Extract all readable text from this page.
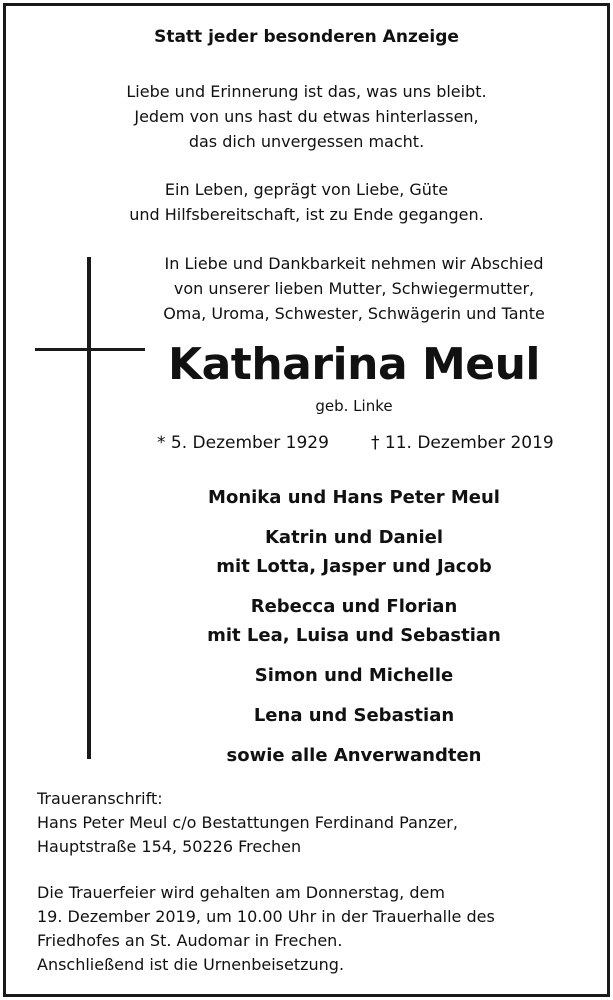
Statt jeder besonderen Anzeige
Liebe und Erinnerung ist das, was uns bleibt.
Jedem von uns hast du etwas hinterlassen,
das dich unvergessen macht.
Ein Leben, geprägt von Liebe, Güte
und Hilfsbereitschaft, ist zu Ende gegangen.
In Liebe und Dankbarkeit nehmen wir Abschied
von unserer lieben Mutter, Schwiegermutter,
Oma, Uroma, Schwester, Schwägerin und Tante
Katharina Meul
geb. Linke
* 5. Dezember 1929 † 11. Dezember 2019
Monika und Hans Peter Meul
Katrin und Daniel
mit Lotta, Jasper und Jacob
Rebecca und Florian
mit Lea, Luisa und Sebastian
Simon und Michelle
Lena und Sebastian
sowie alle Anverwandten
Traueranschrift:
Hans Peter Meul c/o Bestattungen Ferdinand Panzer,
Hauptstraße 154, 50226 Frechen
Die Trauerfeier wird gehalten am Donnerstag, dem
19. Dezember 2019, um 10.00 Uhr in der Trauerhalle des
Friedhofes an St. Audomar in Frechen.
Anschließend ist die Urnenbeisetzung.
